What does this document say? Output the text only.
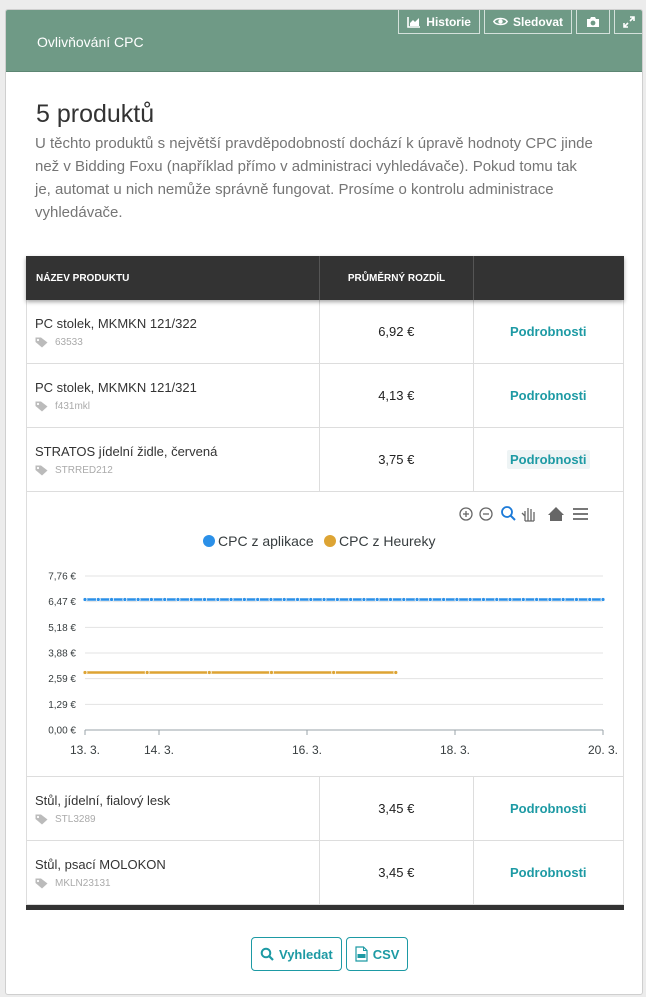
Ovlivňování CPC
Historie	Sledovat
5 produktů
U těchto produktů s největší pravděpodobností dochází k úpravě hodnoty CPC jinde než v Bidding Foxu (například přímo v administraci vyhledávače). Pokud tomu tak je, automat u nich nemůže správně fungovat. Prosíme o kontrolu administrace vyhledávače.
NÁZEV PRODUKTU	PRŮMĚRNÝ ROZDÍL
PC stolek, MKMKN 121/322
63533
6,92 €	Podrobnosti
PC stolek, MKMKN 121/321
f431mkl
4,13 €	Podrobnosti
STRATOS jídelní židle, červená
STRRED212
3,75 €	Podrobnosti
CPC z aplikace CPC z Heureky
0,00 €
1,29 €
2,59 €
3,88 €
5,18 €
6,47 €
7,76 €
13. 3.	14. 3.	16. 3.	18. 3.	20. 3.
Stůl, jídelní, fialový lesk
STL3289
3,45 €	Podrobnosti
Stůl, psací MOLOKON
MKLN23131
3,45 €	Podrobnosti
Vyhledat	CSV
